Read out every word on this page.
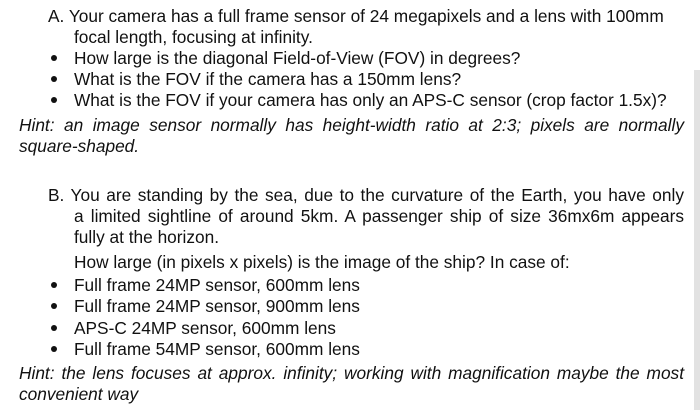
A. Your camera has a full frame sensor of 24 megapixels and a lens with 100mm
focal length, focusing at infinity.
How large is the diagonal Field-of-View (FOV) in degrees?
What is the FOV if the camera has a 150mm lens?
What is the FOV if your camera has only an APS-C sensor (crop factor 1.5x)?
Hint: an image sensor normally has height-width ratio at 2:3; pixels are normally
square-shaped.
B. You are standing by the sea, due to the curvature of the Earth, you have only
a limited sightline of around 5km. A passenger ship of size 36mx6m appears
fully at the horizon.
How large (in pixels x pixels) is the image of the ship? In case of:
Full frame 24MP sensor, 600mm lens
Full frame 24MP sensor, 900mm lens
APS-C 24MP sensor, 600mm lens
Full frame 54MP sensor, 600mm lens
Hint: the lens focuses at approx. infinity; working with magnification maybe the most
convenient way
